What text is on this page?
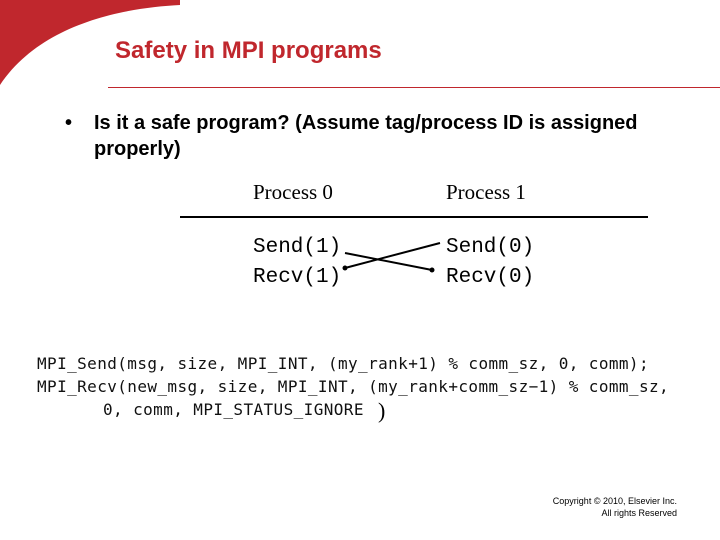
Safety in MPI programs
• Is it a safe program? (Assume tag/process ID is assigned properly)
Process 0	Process 1
Send(1)
Recv(1)
Send(0)
Recv(0)
MPI_Send(msg, size, MPI_INT, (my_rank+1) % comm_sz, 0, comm);
MPI_Recv(new_msg, size, MPI_INT, (my_rank+comm_sz−1) % comm_sz,
0, comm, MPI_STATUS_IGNORE )
Copyright © 2010, Elsevier Inc.
All rights Reserved
